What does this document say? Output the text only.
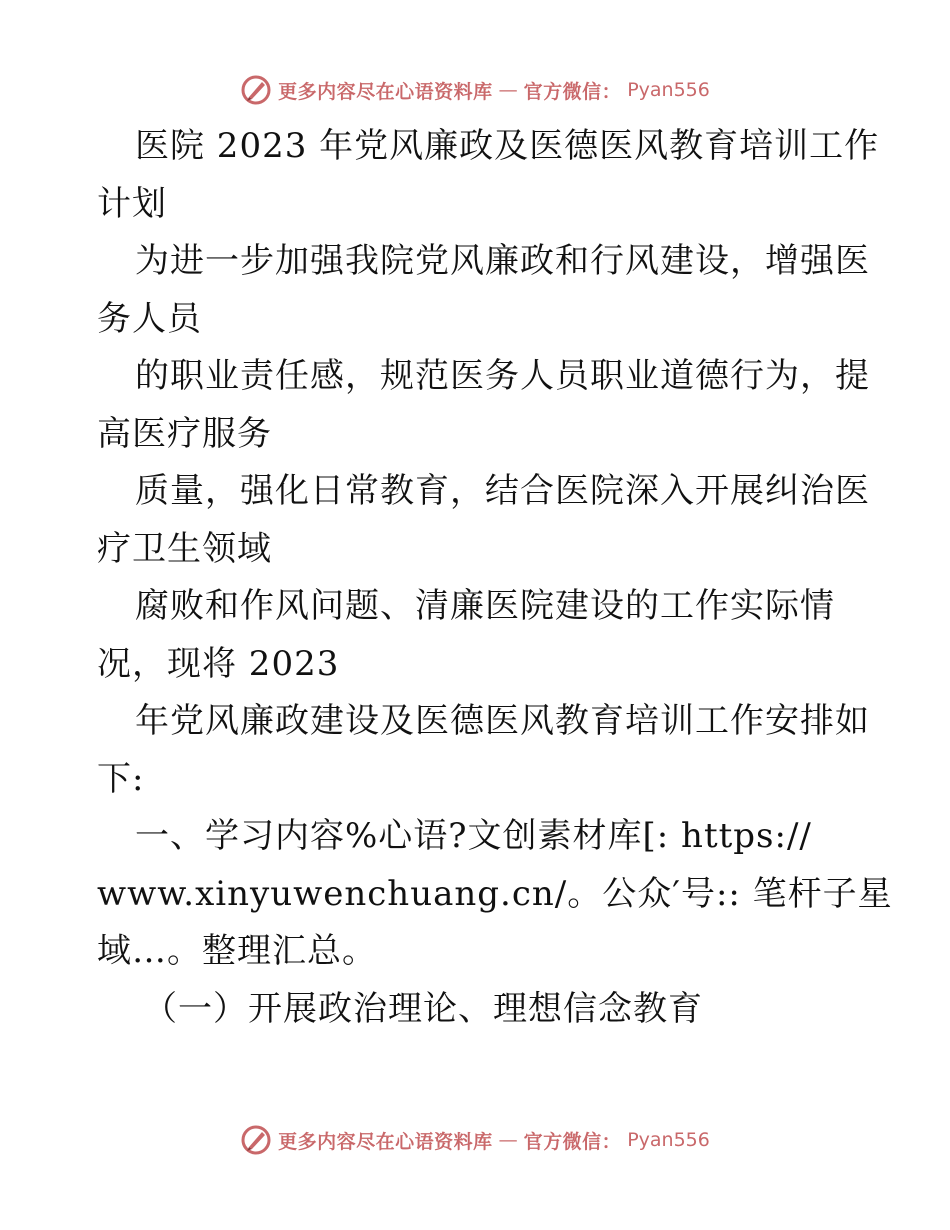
更多内容尽在心语资料库 — 官方微信： Pyan556
医院 2023 年党风廉政及医德医风教育培训工作
计划
为进一步加强我院党风廉政和行风建设，增强医
务人员
的职业责任感，规范医务人员职业道德行为，提
高医疗服务
质量，强化日常教育，结合医院深入开展纠治医
疗卫生领域
腐败和作风问题、清廉医院建设的工作实际情
况，现将 2023
年党风廉政建设及医德医风教育培训工作安排如
下:
一、学习内容%心语?文创素材库[: https://
www.xinyuwenchuang.cn/。公众′号:: 笔杆子星
域…。整理汇总。
（一）开展政治理论、理想信念教育
更多内容尽在心语资料库 — 官方微信： Pyan556
